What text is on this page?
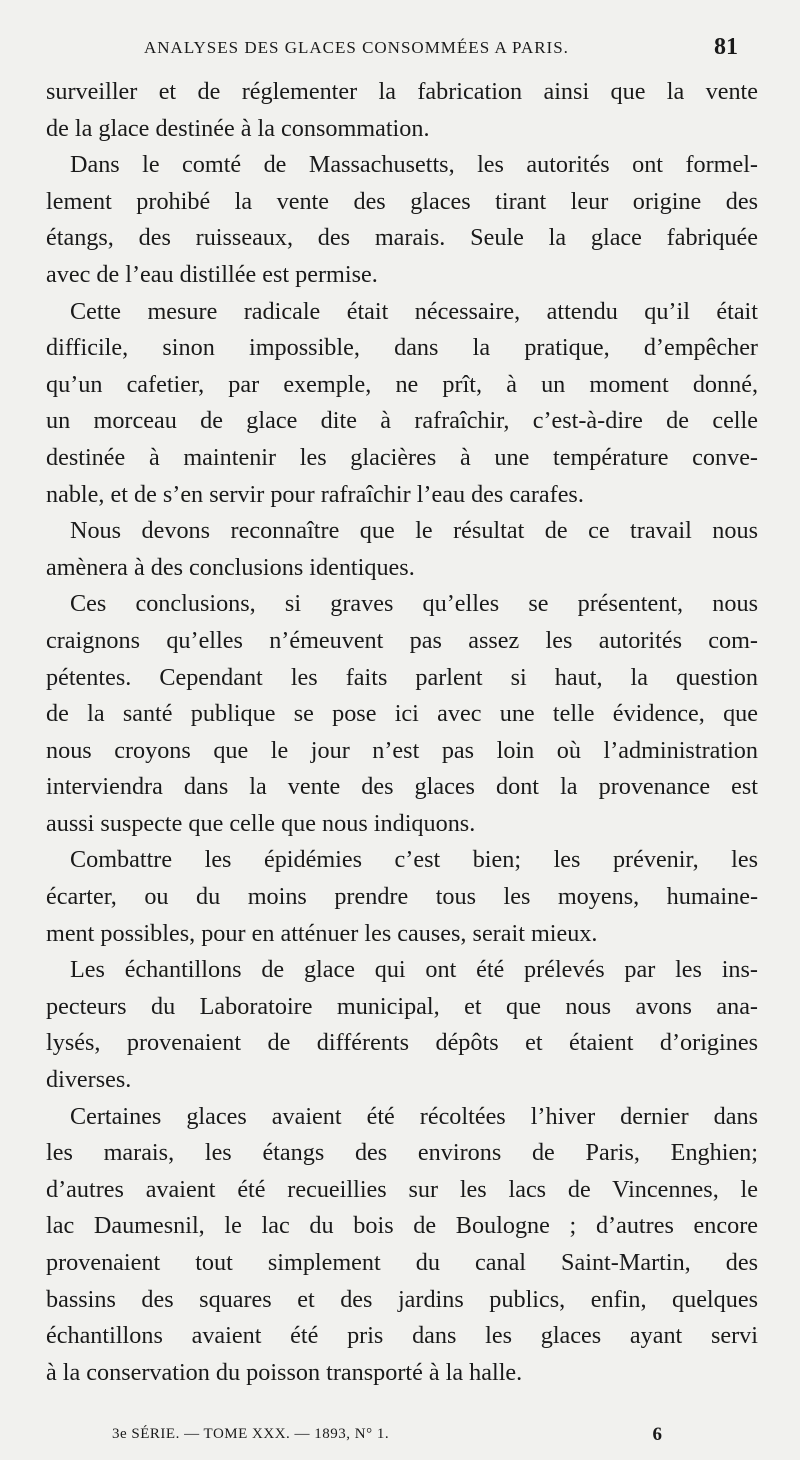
ANALYSES DES GLACES CONSOMMÉES A PARIS.	81

surveiller et de réglementer la fabrication ainsi que la vente
de la glace destinée à la consommation.

Dans le comté de Massachusetts, les autorités ont formel-
lement prohibé la vente des glaces tirant leur origine des
étangs, des ruisseaux, des marais. Seule la glace fabriquée
avec de l’eau distillée est permise.

Cette mesure radicale était nécessaire, attendu qu’il était
difficile, sinon impossible, dans la pratique, d’empêcher
qu’un cafetier, par exemple, ne prît, à un moment donné,
un morceau de glace dite à rafraîchir, c’est-à-dire de celle
destinée à maintenir les glacières à une température conve-
nable, et de s’en servir pour rafraîchir l’eau des carafes.

Nous devons reconnaître que le résultat de ce travail nous
amènera à des conclusions identiques.

Ces conclusions, si graves qu’elles se présentent, nous
craignons qu’elles n’émeuvent pas assez les autorités com-
pétentes. Cependant les faits parlent si haut, la question
de la santé publique se pose ici avec une telle évidence, que
nous croyons que le jour n’est pas loin où l’administration
interviendra dans la vente des glaces dont la provenance est
aussi suspecte que celle que nous indiquons.

Combattre les épidémies c’est bien; les prévenir, les
écarter, ou du moins prendre tous les moyens, humaine-
ment possibles, pour en atténuer les causes, serait mieux.

Les échantillons de glace qui ont été prélevés par les ins-
pecteurs du Laboratoire municipal, et que nous avons ana-
lysés, provenaient de différents dépôts et étaient d’origines
diverses.

Certaines glaces avaient été récoltées l’hiver dernier dans
les marais, les étangs des environs de Paris, Enghien;
d’autres avaient été recueillies sur les lacs de Vincennes, le
lac Daumesnil, le lac du bois de Boulogne ; d’autres encore
provenaient tout simplement du canal Saint-Martin, des
bassins des squares et des jardins publics, enfin, quelques
échantillons avaient été pris dans les glaces ayant servi
à la conservation du poisson transporté à la halle.

3e SÉRIE. — TOME XXX. — 1893, N° 1.	6
